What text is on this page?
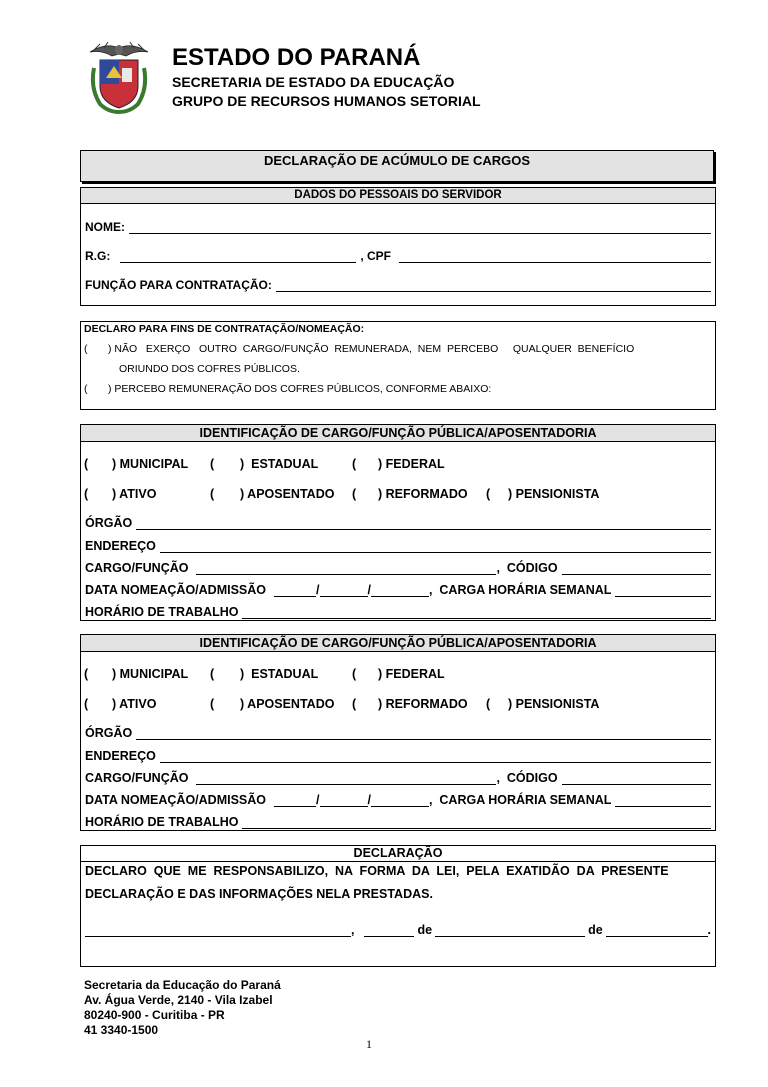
ESTADO DO PARANÁ
SECRETARIA DE ESTADO DA EDUCAÇÃO
GRUPO DE RECURSOS HUMANOS SETORIAL
DECLARAÇÃO DE ACÚMULO DE CARGOS
DADOS DO PESSOAIS DO SERVIDOR
NOME:
R.G:	, CPF
FUNÇÃO PARA CONTRATAÇÃO:
DECLARO PARA FINS DE CONTRATAÇÃO/NOMEAÇÃO:
( ) NÃO   EXERÇO   OUTRO  CARGO/FUNÇÃO  REMUNERADA,  NEM  PERCEBO     QUALQUER  BENEFÍCIO
ORIUNDO DOS COFRES PÚBLICOS.
( ) PERCEBO REMUNERAÇÃO DOS COFRES PÚBLICOS, CONFORME ABAIXO:
IDENTIFICAÇÃO DE CARGO/FUNÇÃO PÚBLICA/APOSENTADORIA
( ) MUNICIPAL ( )  ESTADUAL	( ) FEDERAL
( ) ATIVO	( ) APOSENTADO ( ) REFORMADO ( ) PENSIONISTA
ÓRGÃO
ENDEREÇO
CARGO/FUNÇÃO	,  CÓDIGO
DATA NOMEAÇÃO/ADMISSÃO	/	/	,  CARGA HORÁRIA SEMANAL
HORÁRIO DE TRABALHO
IDENTIFICAÇÃO DE CARGO/FUNÇÃO PÚBLICA/APOSENTADORIA
( ) MUNICIPAL ( )  ESTADUAL	( ) FEDERAL
( ) ATIVO	( ) APOSENTADO ( ) REFORMADO ( ) PENSIONISTA
ÓRGÃO
ENDEREÇO
CARGO/FUNÇÃO	,  CÓDIGO
DATA NOMEAÇÃO/ADMISSÃO	/	/	,  CARGA HORÁRIA SEMANAL
HORÁRIO DE TRABALHO
DECLARAÇÃO
DECLARO  QUE  ME  RESPONSABILIZO,  NA  FORMA  DA  LEI,  PELA  EXATIDÃO  DA  PRESENTE
DECLARAÇÃO E DAS INFORMAÇÕES NELA PRESTADAS.
,	de	de	.
Secretaria da Educação do Paraná
Av. Água Verde, 2140 - Vila Izabel
80240-900 - Curitiba - PR
41 3340-1500
1
